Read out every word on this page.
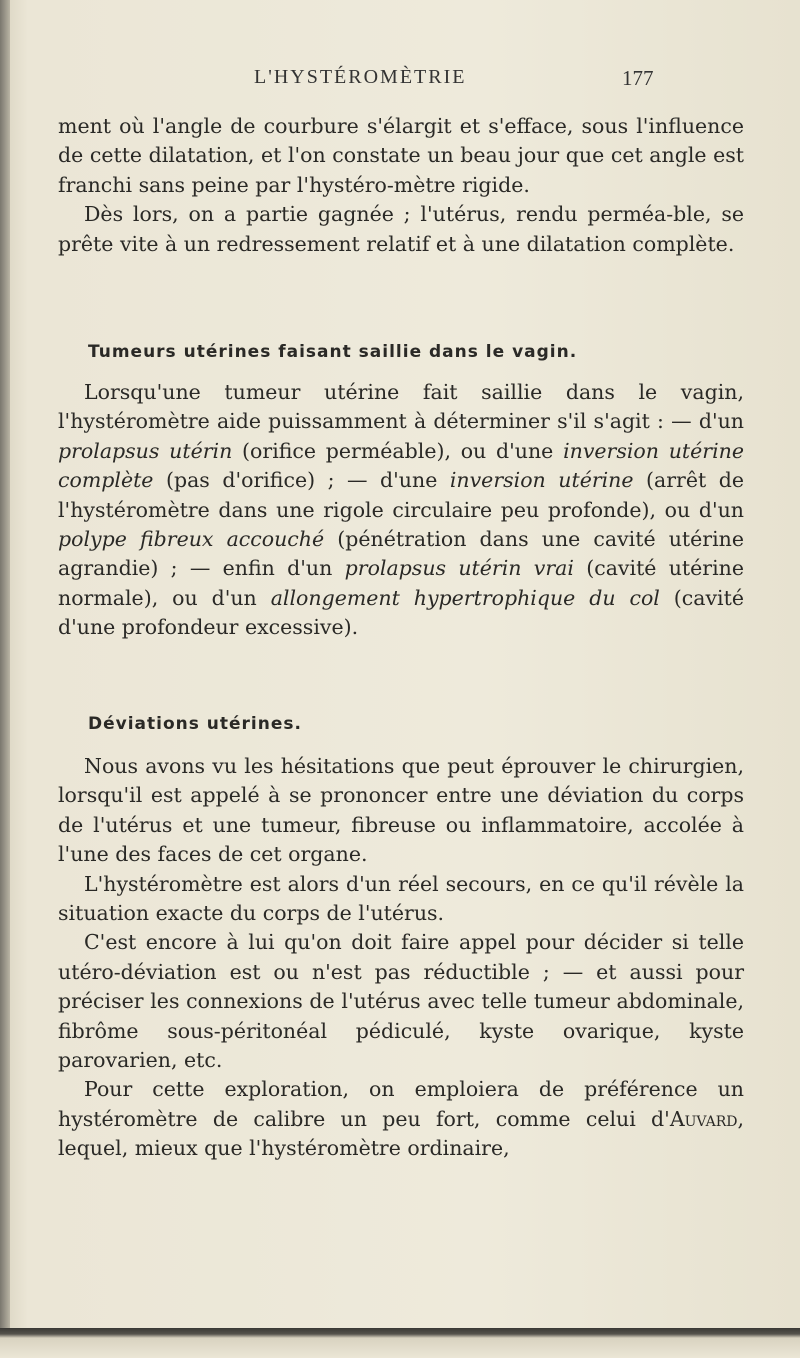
L'HYSTÉROMÈTRIE	177

ment où l'angle de courbure s'élargit et s'efface, sous l'influence de cette dilatation, et l'on constate un beau jour que cet angle est franchi sans peine par l'hystéro-mètre rigide.

Dès lors, on a partie gagnée ; l'utérus, rendu perméa-ble, se prête vite à un redressement relatif et à une dilatation complète.

Tumeurs utérines faisant saillie dans le vagin.

Lorsqu'une tumeur utérine fait saillie dans le vagin, l'hystéromètre aide puissamment à déterminer s'il s'agit : — d'un prolapsus utérin (orifice perméable), ou d'une inversion utérine complète (pas d'orifice) ; — d'une inversion utérine (arrêt de l'hystéromètre dans une rigole circulaire peu profonde), ou d'un polype fibreux accouché (pénétration dans une cavité utérine agrandie) ; — enfin d'un prolapsus utérin vrai (cavité utérine normale), ou d'un allongement hypertrophique du col (cavité d'une profondeur excessive).

Déviations utérines.

Nous avons vu les hésitations que peut éprouver le chirurgien, lorsqu'il est appelé à se prononcer entre une déviation du corps de l'utérus et une tumeur, fibreuse ou inflammatoire, accolée à l'une des faces de cet organe.

L'hystéromètre est alors d'un réel secours, en ce qu'il révèle la situation exacte du corps de l'utérus.

C'est encore à lui qu'on doit faire appel pour décider si telle utéro-déviation est ou n'est pas réductible ; — et aussi pour préciser les connexions de l'utérus avec telle tumeur abdominale, fibrôme sous-péritonéal pédiculé, kyste ovarique, kyste parovarien, etc.

Pour cette exploration, on emploiera de préférence un hystéromètre de calibre un peu fort, comme celui d'Auvard, lequel, mieux que l'hystéromètre ordinaire,
